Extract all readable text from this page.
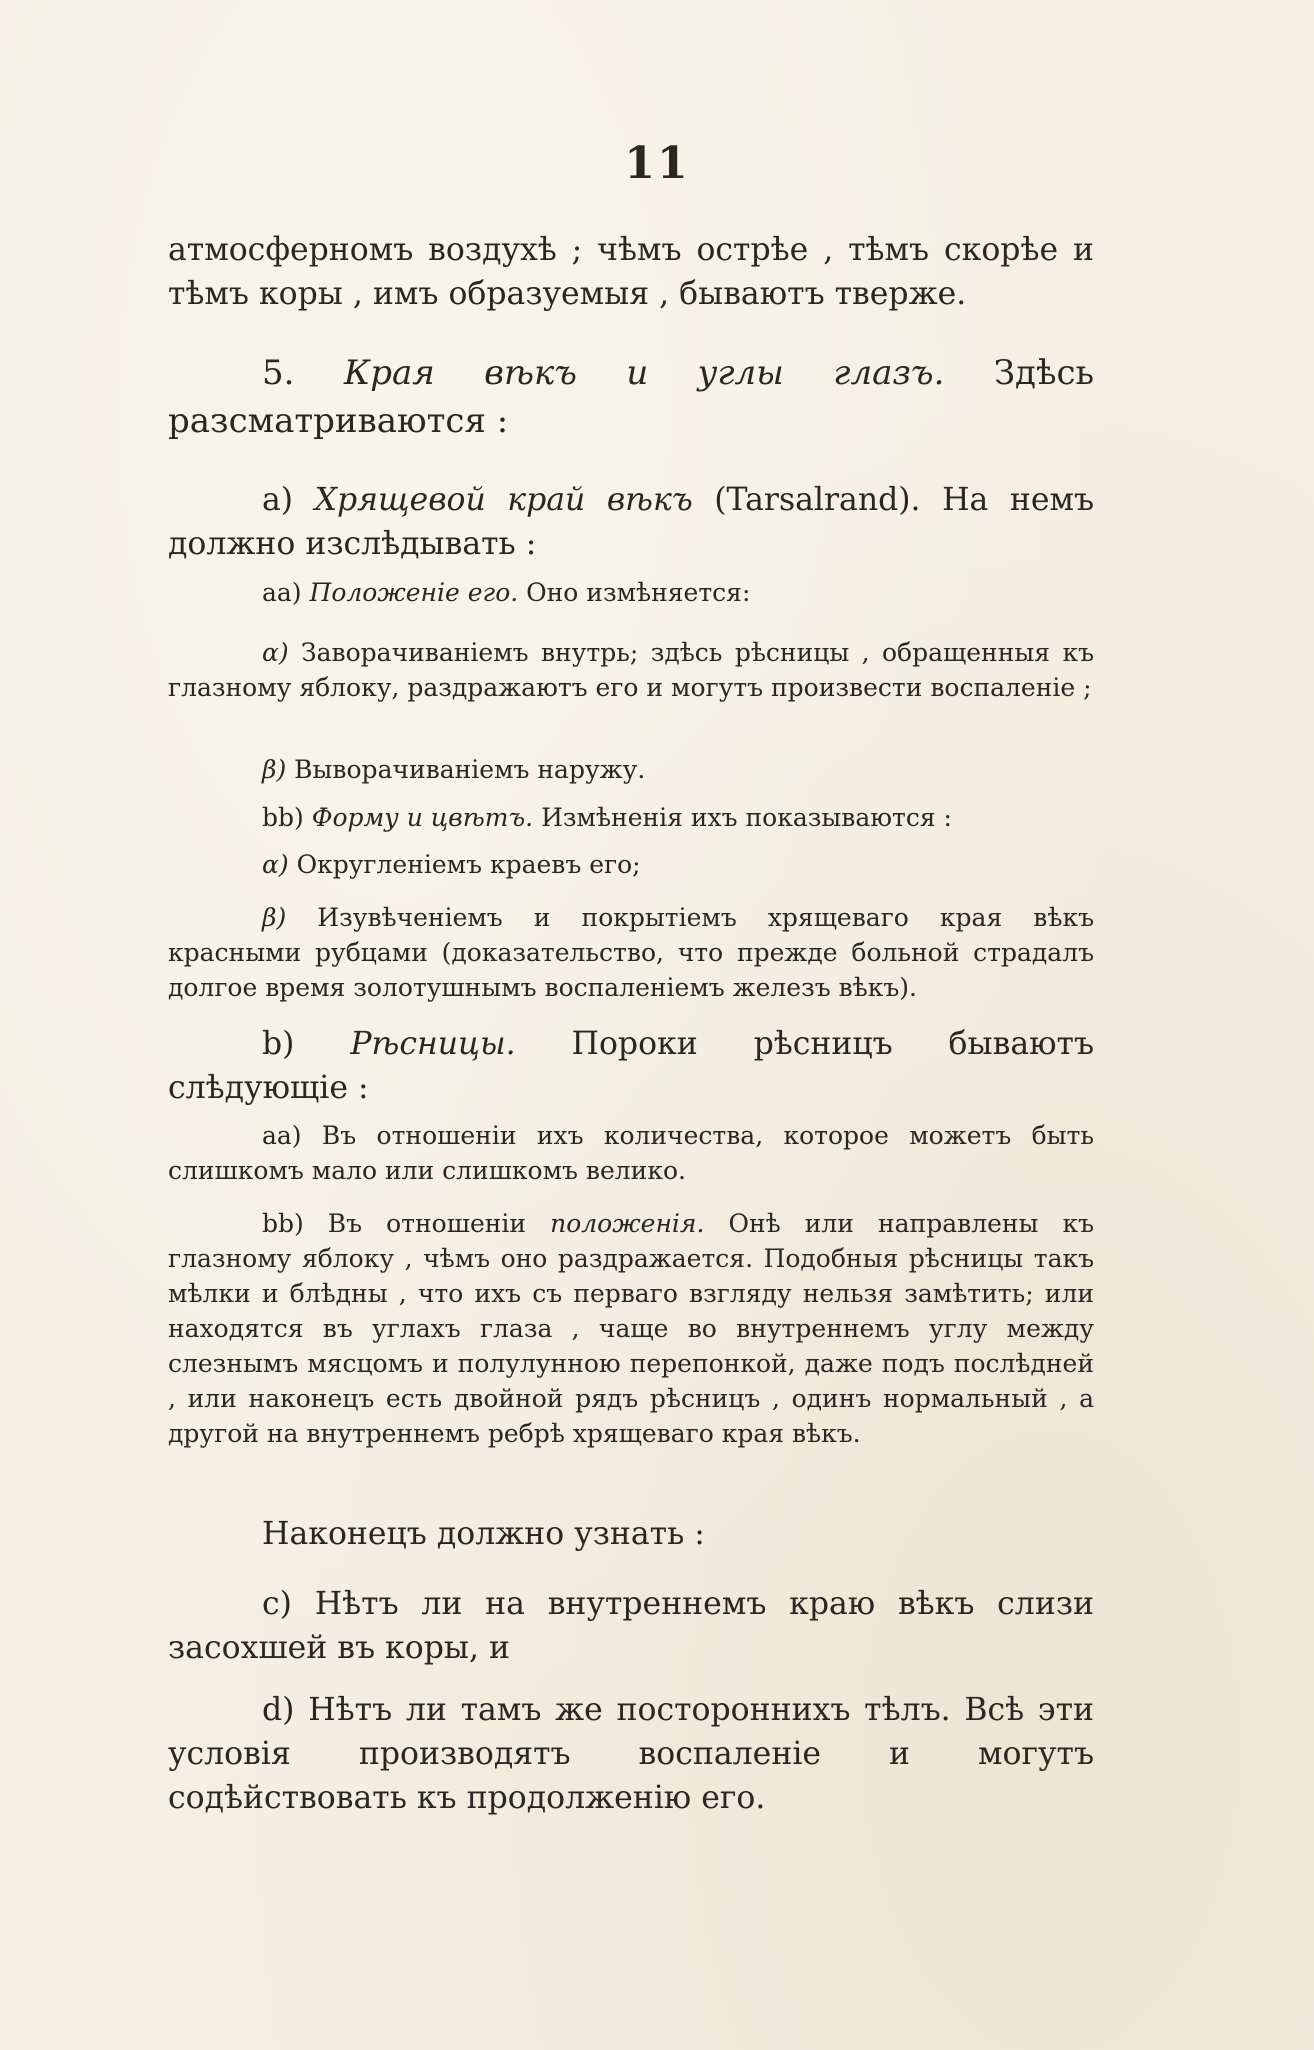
11

атмосферномъ воздухѣ ; чѣмъ острѣе , тѣмъ скорѣе и тѣмъ коры , имъ образуемыя , бываютъ тверже.

5. Края вѣкъ и углы глазъ. Здѣсь разсматриваются :

a) Хрящевой край вѣкъ (Tarsalrand). На немъ должно изслѣдывать :

aa) Положеніе его. Оно измѣняется:

α) Заворачиваніемъ внутрь; здѣсь рѣсницы , обращенныя къ глазному яблоку, раздражаютъ его и могутъ произвести воспаленіе ;

β) Выворачиваніемъ наружу.

bb) Форму и цвѣтъ. Измѣненія ихъ показываются :

α) Округленіемъ краевъ его;

β) Изувѣченіемъ и покрытіемъ хрящеваго края вѣкъ красными рубцами (доказательство, что прежде больной страдалъ долгое время золотушнымъ воспаленіемъ железъ вѣкъ).

b) Рѣсницы. Пороки рѣсницъ бываютъ слѣдующіе :

aa) Въ отношеніи ихъ количества, которое можетъ быть слишкомъ мало или слишкомъ велико.

bb) Въ отношеніи положенія. Онѣ или направлены къ глазному яблоку , чѣмъ оно раздражается. Подобныя рѣсницы такъ мѣлки и блѣдны , что ихъ съ перваго взгляду нельзя замѣтить; или находятся въ углахъ глаза , чаще во внутреннемъ углу между слезнымъ мясцомъ и полулунною перепонкой, даже подъ послѣдней , или наконецъ есть двойной рядъ рѣсницъ , одинъ нормальный , а другой на внутреннемъ ребрѣ хрящеваго края вѣкъ.

Наконецъ должно узнать :

c) Нѣтъ ли на внутреннемъ краю вѣкъ слизи засохшей въ коры, и

d) Нѣтъ ли тамъ же постороннихъ тѣлъ. Всѣ эти условія производятъ воспаленіе и могутъ содѣйствовать къ продолженію его.
